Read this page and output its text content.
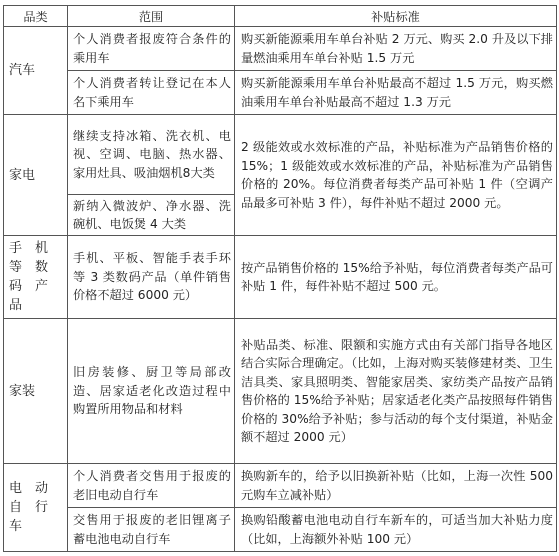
品类	范围	补贴标准
汽车	个人消费者报废符合条件的乘用车	购买新能源乘用车单台补贴 2 万元、购买 2.0 升及以下排量燃油乘用车单台补贴 1.5 万元
	个人消费者转让登记在本人名下乘用车	购买新能源乘用车单台补贴最高不超过 1.5 万元，购买燃油乘用车单台补贴最高不超过 1.3 万元
家电	继续支持冰箱、洗衣机、电视、空调、电脑、热水器、家用灶具、吸油烟机8大类	2 级能效或水效标准的产品，补贴标准为产品销售价格的 15%；1 级能效或水效标准的产品，补贴标准为产品销售价格的 20%。每位消费者每类产品可补贴 1 件（空调产品最多可补贴 3 件），每件补贴不超过 2000 元。
	新纳入微波炉、净水器、洗碗机、电饭煲 4 大类	

手　机
等　数
码　产
品	手机、平板、智能手表手环等 3 类数码产品（单件销售价格不超过 6000 元）	按产品销售价格的 15%给予补贴，每位消费者每类产品可补贴 1 件，每件补贴不超过 500 元。
家装	旧房装修、厨卫等局部改造、居家适老化改造过程中购置所用物品和材料	补贴品类、标准、限额和实施方式由有关部门指导各地区结合实际合理确定。（比如，上海对购买装修建材类、卫生洁具类、家具照明类、智能家居类、家纺类产品按产品销售价格的 15%给予补贴；居家适老化类产品按照每件销售价格的 30%给予补贴；参与活动的每个支付渠道，补贴金额不超过 2000 元）

电　动
自　行
车	个人消费者交售用于报废的老旧电动自行车	换购新车的，给予以旧换新补贴（比如，上海一次性 500 元购车立减补贴）
	交售用于报废的老旧锂离子蓄电池电动自行车	换购铅酸蓄电池电动自行车新车的，可适当加大补贴力度（比如，上海额外补贴 100 元）
